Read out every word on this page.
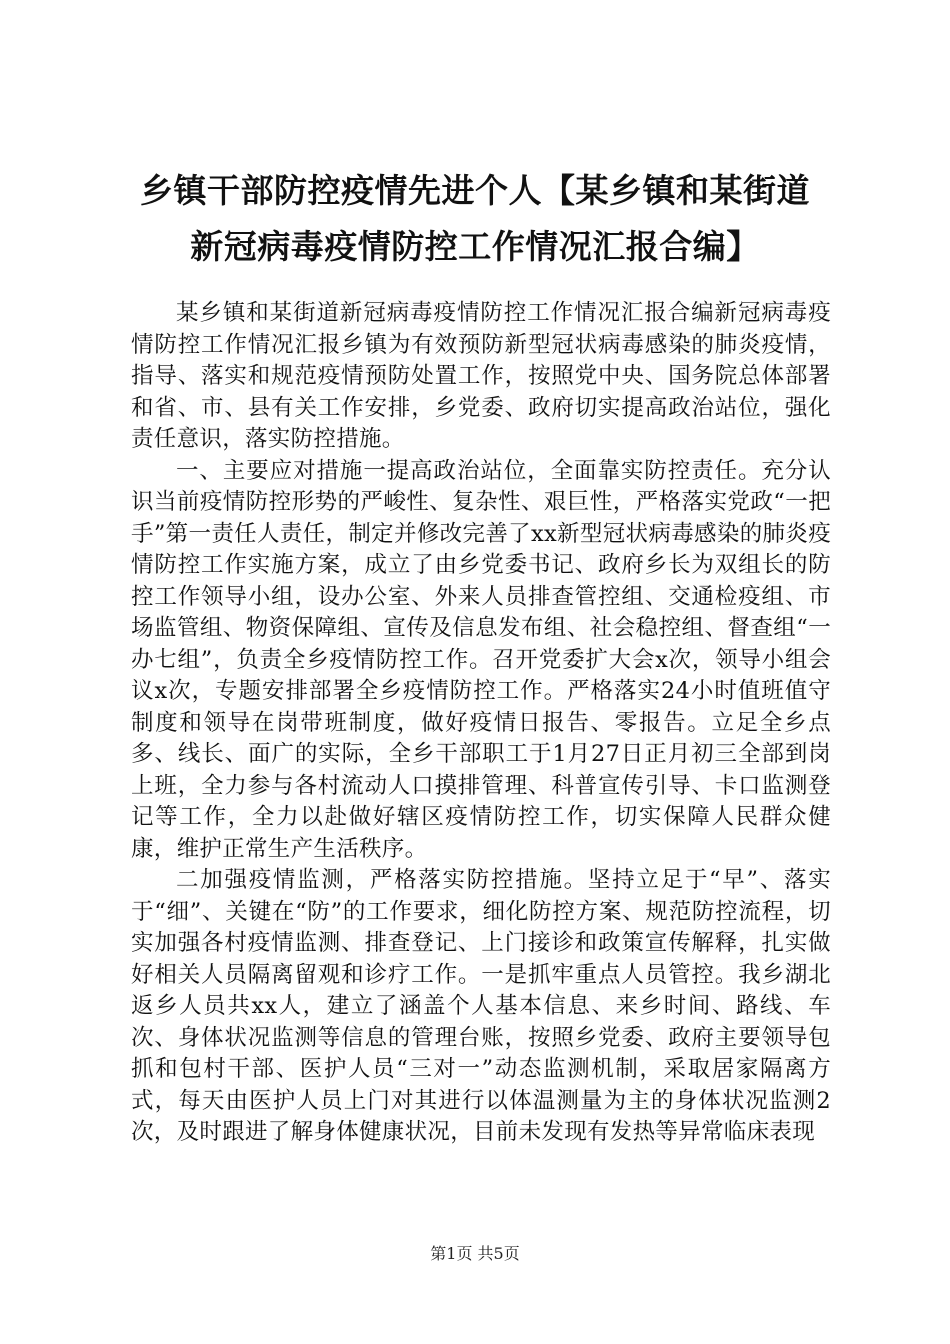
乡镇干部防控疫情先进个人【某乡镇和某街道
新冠病毒疫情防控工作情况汇报合编】

某乡镇和某街道新冠病毒疫情防控工作情况汇报合编新冠病毒疫情防控工作情况汇报乡镇为有效预防新型冠状病毒感染的肺炎疫情，指导、落实和规范疫情预防处置工作，按照党中央、国务院总体部署和省、市、县有关工作安排，乡党委、政府切实提高政治站位，强化责任意识，落实防控措施。

一、主要应对措施一提高政治站位，全面靠实防控责任。充分认识当前疫情防控形势的严峻性、复杂性、艰巨性，严格落实党政“一把手”第一责任人责任，制定并修改完善了xx新型冠状病毒感染的肺炎疫情防控工作实施方案，成立了由乡党委书记、政府乡长为双组长的防控工作领导小组，设办公室、外来人员排查管控组、交通检疫组、市场监管组、物资保障组、宣传及信息发布组、社会稳控组、督查组“一办七组”，负责全乡疫情防控工作。召开党委扩大会x次，领导小组会议x次，专题安排部署全乡疫情防控工作。严格落实24小时值班值守制度和领导在岗带班制度，做好疫情日报告、零报告。立足全乡点多、线长、面广的实际，全乡干部职工于1月27日正月初三全部到岗上班，全力参与各村流动人口摸排管理、科普宣传引导、卡口监测登记等工作，全力以赴做好辖区疫情防控工作，切实保障人民群众健康，维护正常生产生活秩序。

二加强疫情监测，严格落实防控措施。坚持立足于“早”、落实于“细”、关键在“防”的工作要求，细化防控方案、规范防控流程，切实加强各村疫情监测、排查登记、上门接诊和政策宣传解释，扎实做好相关人员隔离留观和诊疗工作。一是抓牢重点人员管控。我乡湖北返乡人员共xx人，建立了涵盖个人基本信息、来乡时间、路线、车次、身体状况监测等信息的管理台账，按照乡党委、政府主要领导包抓和包村干部、医护人员“三对一”动态监测机制，采取居家隔离方式，每天由医护人员上门对其进行以体温测量为主的身体状况监测2次，及时跟进了解身体健康状况，目前未发现有发热等异常临床表现

第1页 共5页
